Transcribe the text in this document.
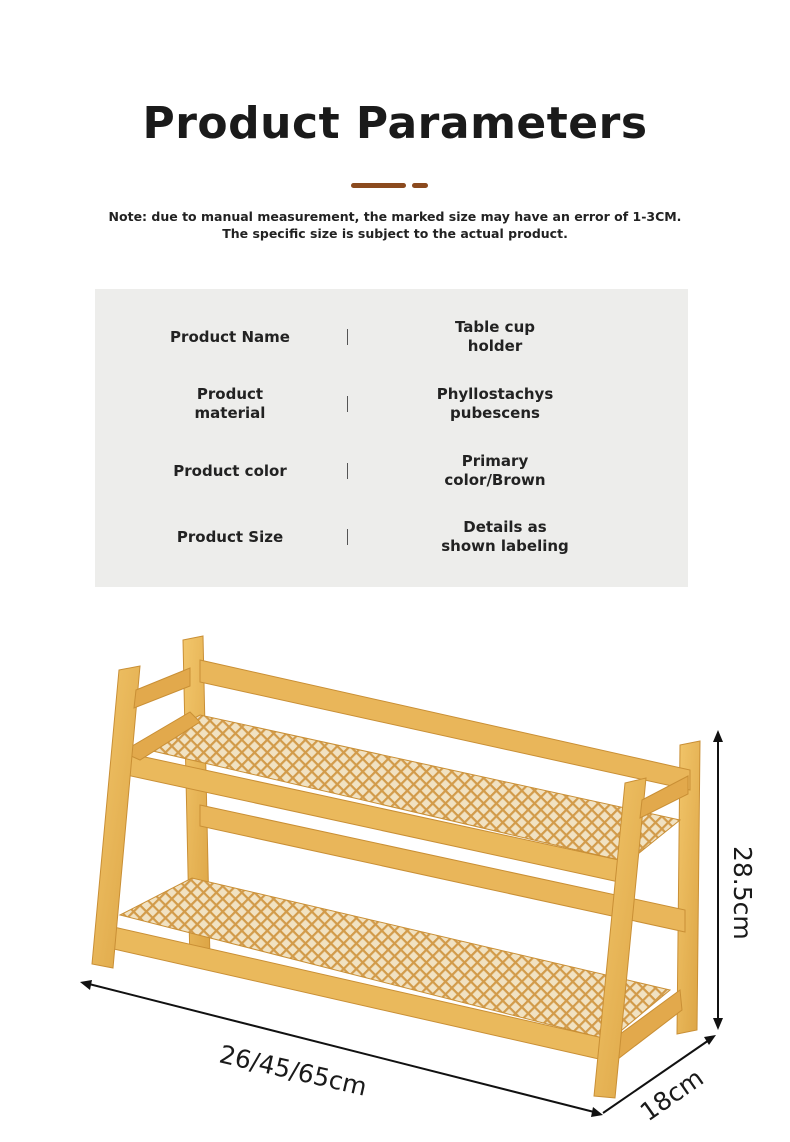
Product Parameters
Note: due to manual measurement, the marked size may have an error of 1-3CM. The specific size is subject to the actual product.
Product Name
Table cup holder
Product material
Phyllostachys pubescens
Product color
Primary color/Brown
Product Size
Details as shown labeling
26/45/65cm
28.5cm
18cm
